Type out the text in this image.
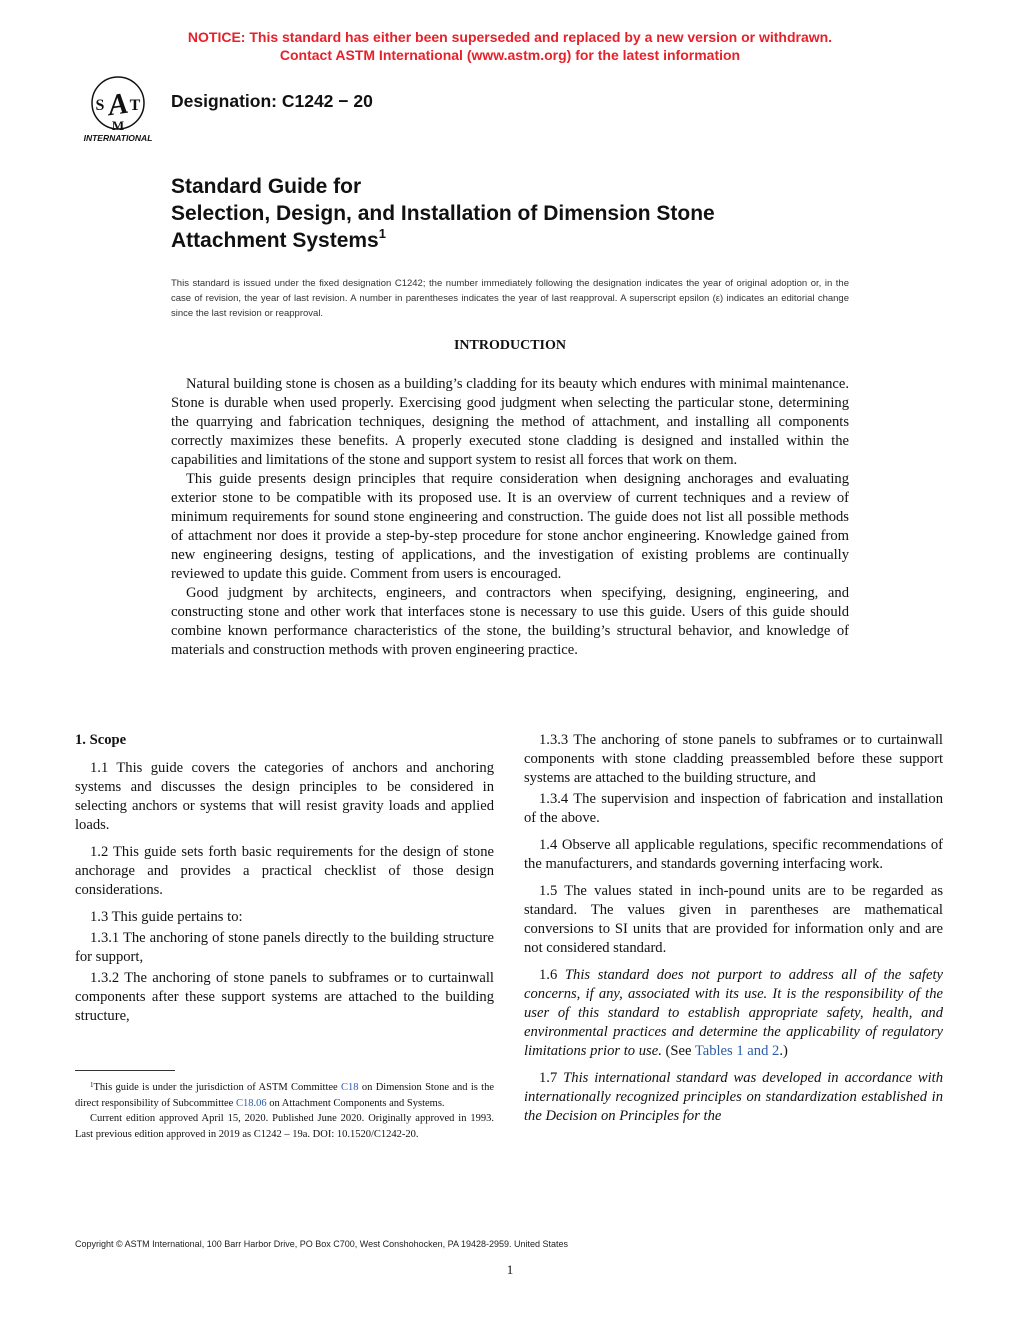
NOTICE: This standard has either been superseded and replaced by a new version or withdrawn.
Contact ASTM International (www.astm.org) for the latest information
A
S T
M
INTERNATIONAL
Designation: C1242 − 20
Standard Guide for
Selection, Design, and Installation of Dimension Stone
Attachment Systems$^1$
This standard is issued under the fixed designation C1242; the number immediately following the designation indicates the year of original adoption or, in the case of revision, the year of last revision. A number in parentheses indicates the year of last reapproval. A superscript epsilon (ε) indicates an editorial change since the last revision or reapproval.
INTRODUCTION

Natural building stone is chosen as a building’s cladding for its beauty which endures with minimal maintenance. Stone is durable when used properly. Exercising good judgment when selecting the particular stone, determining the quarrying and fabrication techniques, designing the method of attachment, and installing all components correctly maximizes these benefits. A properly executed stone cladding is designed and installed within the capabilities and limitations of the stone and support system to resist all forces that work on them.

This guide presents design principles that require consideration when designing anchorages and evaluating exterior stone to be compatible with its proposed use. It is an overview of current techniques and a review of minimum requirements for sound stone engineering and construction. The guide does not list all possible methods of attachment nor does it provide a step-by-step procedure for stone anchor engineering. Knowledge gained from new engineering designs, testing of applications, and the investigation of existing problems are continually reviewed to update this guide. Comment from users is encouraged.

Good judgment by architects, engineers, and contractors when specifying, designing, engineering, and constructing stone and other work that interfaces stone is necessary to use this guide. Users of this guide should combine known performance characteristics of the stone, the building’s structural behavior, and knowledge of materials and construction methods with proven engineering practice.

1. Scope

1.1 This guide covers the categories of anchors and anchoring systems and discusses the design principles to be considered in selecting anchors or systems that will resist gravity loads and applied loads.

1.2 This guide sets forth basic requirements for the design of stone anchorage and provides a practical checklist of those design considerations.

1.3 This guide pertains to:

1.3.1 The anchoring of stone panels directly to the building structure for support,

1.3.2 The anchoring of stone panels to subframes or to curtainwall components after these support systems are attached to the building structure,

1.3.3 The anchoring of stone panels to subframes or to curtainwall components with stone cladding preassembled before these support systems are attached to the building structure, and

1.3.4 The supervision and inspection of fabrication and installation of the above.

1.4 Observe all applicable regulations, specific recommendations of the manufacturers, and standards governing interfacing work.

1.5 The values stated in inch-pound units are to be regarded as standard. The values given in parentheses are mathematical conversions to SI units that are provided for information only and are not considered standard.

1.6 This standard does not purport to address all of the safety concerns, if any, associated with its use. It is the responsibility of the user of this standard to establish appropriate safety, health, and environmental practices and determine the applicability of regulatory limitations prior to use. (See Tables 1 and 2.)

1.7 This international standard was developed in accordance with internationally recognized principles on standardization established in the Decision on Principles for the

$^1$This guide is under the jurisdiction of ASTM Committee C18 on Dimension Stone and is the direct responsibility of Subcommittee C18.06 on Attachment Components and Systems.

Current edition approved April 15, 2020. Published June 2020. Originally approved in 1993. Last previous edition approved in 2019 as C1242 – 19a. DOI: 10.1520/C1242-20.

Copyright © ASTM International, 100 Barr Harbor Drive, PO Box C700, West Conshohocken, PA 19428-2959. United States
1
